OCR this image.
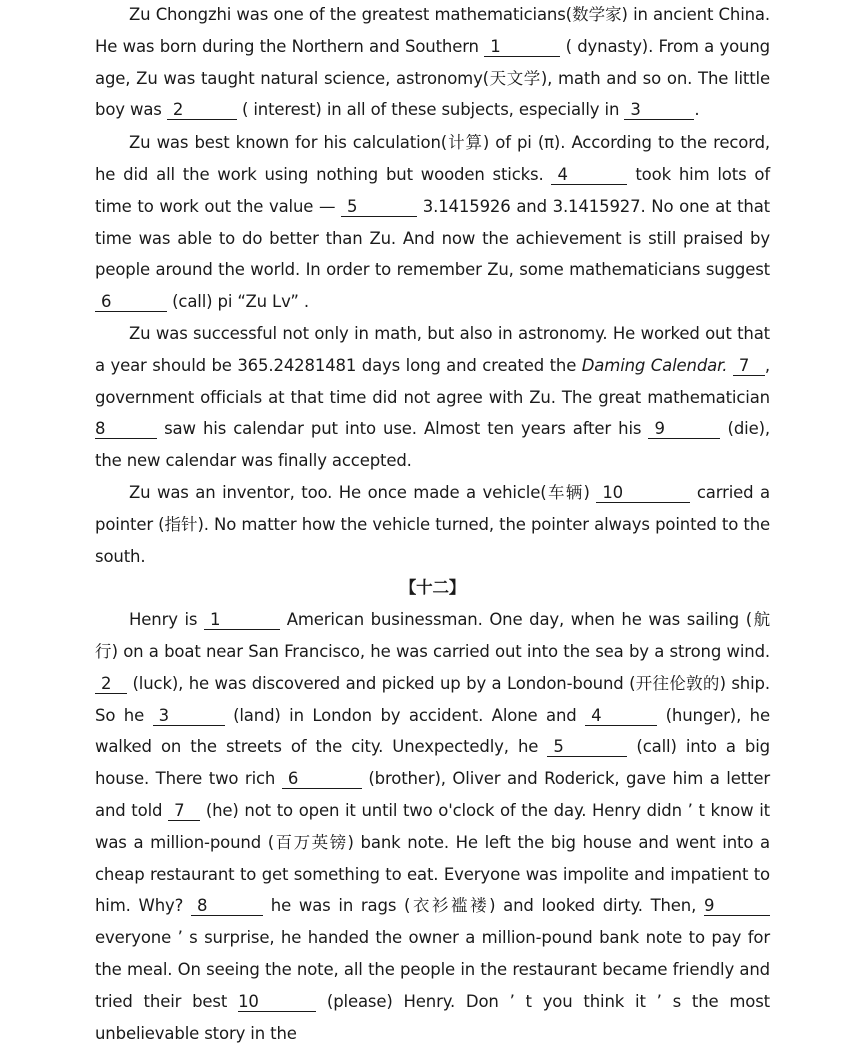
Zu Chongzhi was one of the greatest mathematicians(数学家) in ancient China. He was born during the Northern and Southern 1	( dynasty). From a young age, Zu was taught natural science, astronomy(天文学), math and so on. The little boy was 2	( interest) in all of these subjects, especially in 3	.

Zu was best known for his calculation(计算) of pi (π). According to the record, he did all the work using nothing but wooden sticks. 4	took him lots of time to work out the value — 5	3.1415926 and 3.1415927. No one at that time was able to do better than Zu. And now the achievement is still praised by people around the world. In order to remember Zu, some mathematicians suggest 6	(call) pi “Zu Lv” .

Zu was successful not only in math, but also in astronomy. He worked out that a year should be 365.24281481 days long and created the Daming Calendar. 7 , government officials at that time did not agree with Zu. The great mathematician 8	saw his calendar put into use. Almost ten years after his 9	(die), the new calendar was finally accepted.

Zu was an inventor, too. He once made a vehicle(车辆) 10	carried a pointer (指针). No matter how the vehicle turned, the pointer always pointed to the south.

【十二】

Henry is 1	American businessman. One day, when he was sailing (航行) on a boat near San Francisco, he was carried out into the sea by a strong wind. 2 (luck), he was discovered and picked up by a London-bound (开往伦敦的) ship. So he 3	(land) in London by accident. Alone and 4	(hunger), he walked on the streets of the city. Unexpectedly, he 5	(call) into a big house. There two rich 6	(brother), Oliver and Roderick, gave him a letter and told 7 (he) not to open it until two o'clock of the day. Henry didn ’ t know it was a million-pound (百万英镑) bank note. He left the big house and went into a cheap restaurant to get something to eat. Everyone was impolite and impatient to him. Why? 8	he was in rags (衣衫褴褛) and looked dirty. Then, 9 everyone ’ s surprise, he handed the owner a million-pound bank note to pay for the meal. On seeing the note, all the people in the restaurant became friendly and tried their best 10	(please) Henry. Don ’ t you think it ’ s the most unbelievable story in the
